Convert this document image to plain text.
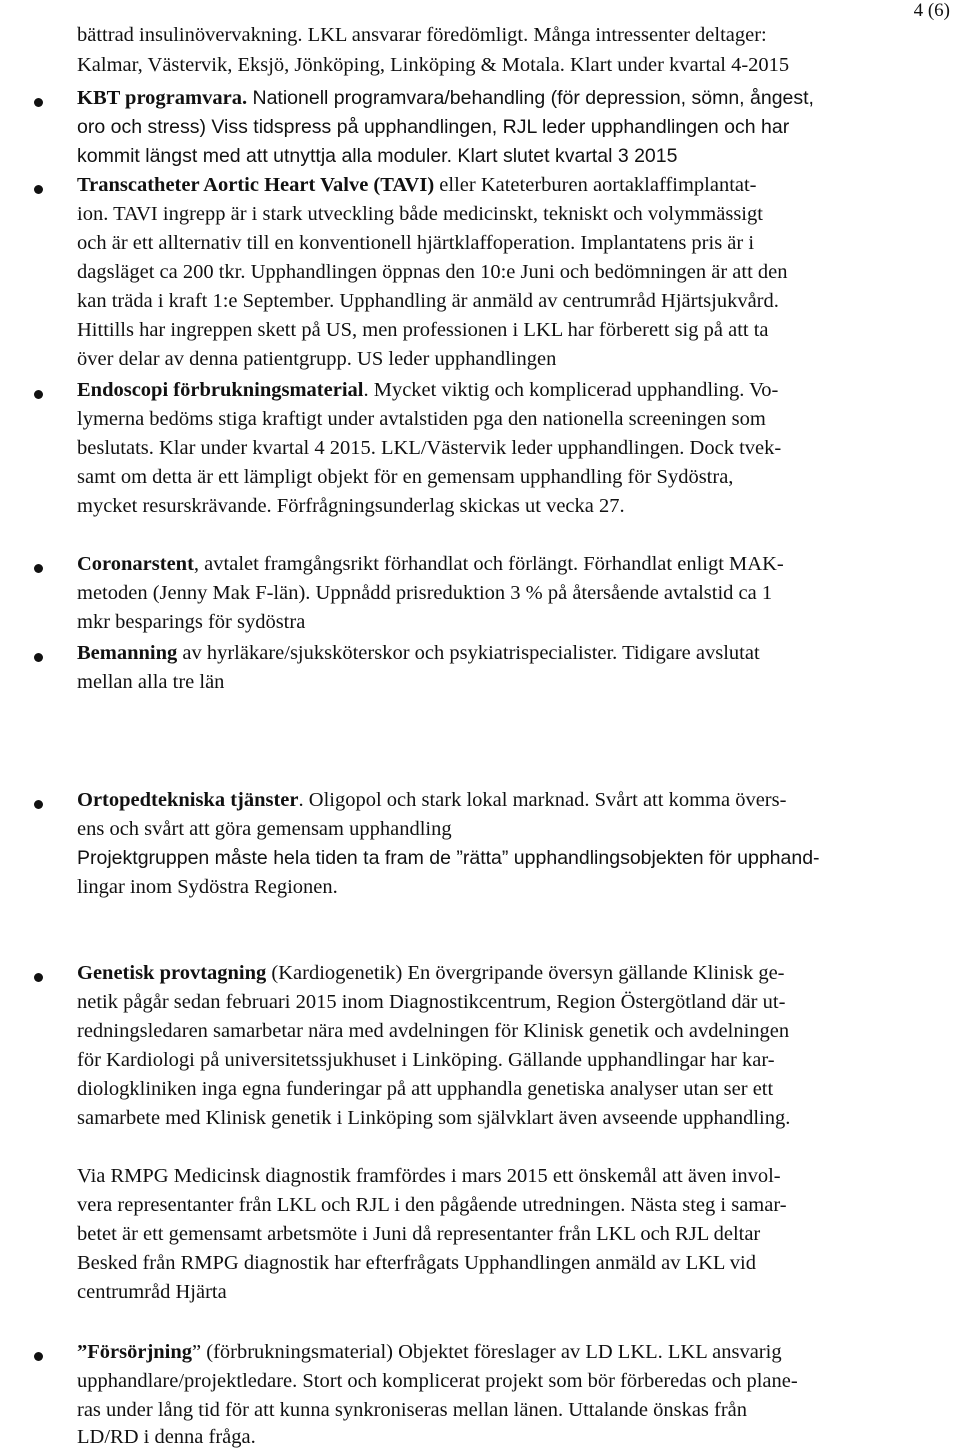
4 (6)
bättrad insulinövervakning. LKL ansvarar föredömligt. Många intressenter deltager:
Kalmar, Västervik, Eksjö, Jönköping, Linköping & Motala. Klart under kvartal 4-2015
KBT programvara. Nationell programvara/behandling (för depression, sömn, ångest,
oro och stress) Viss tidspress på upphandlingen, RJL leder upphandlingen och har
kommit längst med att utnyttja alla moduler. Klart slutet kvartal 3 2015
Transcatheter Aortic Heart Valve (TAVI) eller Kateterburen aortaklaffimplantat-
ion. TAVI ingrepp är i stark utveckling både medicinskt, tekniskt och volymmässigt
och är ett allternativ till en konventionell hjärtklaffoperation. Implantatens pris är i
dagsläget ca 200 tkr. Upphandlingen öppnas den 10:e Juni och bedömningen är att den
kan träda i kraft 1:e September. Upphandling är anmäld av centrumråd Hjärtsjukvård.
Hittills har ingreppen skett på US, men professionen i LKL har förberett sig på att ta
över delar av denna patientgrupp. US leder upphandlingen
Endoscopi förbrukningsmaterial. Mycket viktig och komplicerad upphandling. Vo-
lymerna bedöms stiga kraftigt under avtalstiden pga den nationella screeningen som
beslutats. Klar under kvartal 4 2015. LKL/Västervik leder upphandlingen. Dock tvek-
samt om detta är ett lämpligt objekt för en gemensam upphandling för Sydöstra,
mycket resurskrävande. Förfrågningsunderlag skickas ut vecka 27.
Coronarstent, avtalet framgångsrikt förhandlat och förlängt. Förhandlat enligt MAK-
metoden (Jenny Mak F-län). Uppnådd prisreduktion 3 % på återsående avtalstid ca 1
mkr besparings för sydöstra
Bemanning av hyrläkare/sjuksköterskor och psykiatrispecialister. Tidigare avslutat
mellan alla tre län
Ortopedtekniska tjänster. Oligopol och stark lokal marknad. Svårt att komma övers-
ens och svårt att göra gemensam upphandling
Projektgruppen måste hela tiden ta fram de ”rätta” upphandlingsobjekten för upphand-
lingar inom Sydöstra Regionen.
Genetisk provtagning (Kardiogenetik) En övergripande översyn gällande Klinisk ge-
netik pågår sedan februari 2015 inom Diagnostikcentrum, Region Östergötland där ut-
redningsledaren samarbetar nära med avdelningen för Klinisk genetik och avdelningen
för Kardiologi på universitetssjukhuset i Linköping. Gällande upphandlingar har kar-
diologkliniken inga egna funderingar på att upphandla genetiska analyser utan ser ett
samarbete med Klinisk genetik i Linköping som självklart även avseende upphandling.
Via RMPG Medicinsk diagnostik framfördes i mars 2015 ett önskemål att även invol-
vera representanter från LKL och RJL i den pågående utredningen. Nästa steg i samar-
betet är ett gemensamt arbetsmöte i Juni då representanter från LKL och RJL deltar
Besked från RMPG diagnostik har efterfrågats Upphandlingen anmäld av LKL vid
centrumråd Hjärta
”Försörjning” (förbrukningsmaterial) Objektet föreslager av LD LKL. LKL ansvarig
upphandlare/projektledare. Stort och komplicerat projekt som bör förberedas och plane-
ras under lång tid för att kunna synkroniseras mellan länen. Uttalande önskas från
LD/RD i denna fråga.
